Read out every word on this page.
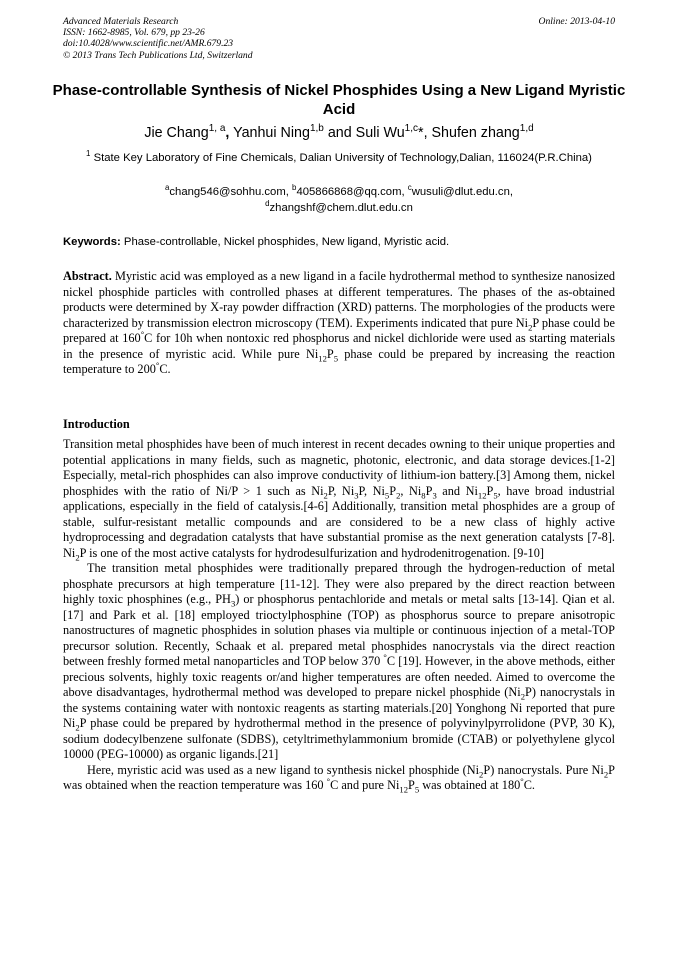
Advanced Materials Research
ISSN: 1662-8985, Vol. 679, pp 23-26
doi:10.4028/www.scientific.net/AMR.679.23
© 2013 Trans Tech Publications Ltd, Switzerland
Online: 2013-04-10
Phase-controllable Synthesis of Nickel Phosphides Using a New Ligand Myristic Acid
Jie Chang$^{1, a}$, Yanhui Ning$^{1,b}$ and Suli Wu$^{1,c}$*, Shufen zhang$^{1,d}$
$^1$ State Key Laboratory of Fine Chemicals, Dalian University of Technology,Dalian, 116024(P.R.China)
$^a$chang546@sohhu.com, $^b$405866868@qq.com, $^c$wusuli@dlut.edu.cn,
$^d$zhangshf@chem.dlut.edu.cn
Keywords: Phase-controllable, Nickel phosphides, New ligand, Myristic acid.
Abstract. Myristic acid was employed as a new ligand in a facile hydrothermal method to synthesize nanosized nickel phosphide particles with controlled phases at different temperatures. The phases of the as-obtained products were determined by X-ray powder diffraction (XRD) patterns. The morphologies of the products were characterized by transmission electron microscopy (TEM). Experiments indicated that pure $Ni_2P$ phase could be prepared at 160°C for 10h when nontoxic red phosphorus and nickel dichloride were used as starting materials in the presence of myristic acid. While pure $Ni_{12}P_5$ phase could be prepared by increasing the reaction temperature to 200°C.
Introduction

Transition metal phosphides have been of much interest in recent decades owning to their unique properties and potential applications in many fields, such as magnetic, photonic, electronic, and data storage devices.[1-2] Especially, metal-rich phosphides can also improve conductivity of lithium-ion battery.[3] Among them, nickel phosphides with the ratio of Ni/P > 1 such as $Ni_2P$, $Ni_3P$, $Ni_5P_2$, $Ni_8P_3$ and $Ni_{12}P_5$, have broad industrial applications, especially in the field of catalysis.[4-6] Additionally, transition metal phosphides are a group of stable, sulfur-resistant metallic compounds and are considered to be a new class of highly active hydroprocessing and degradation catalysts that have substantial promise as the next generation catalysts [7-8]. $Ni_2P$ is one of the most active catalysts for hydrodesulfurization and hydrodenitrogenation. [9-10]

The transition metal phosphides were traditionally prepared through the hydrogen-reduction of metal phosphate precursors at high temperature [11-12]. They were also prepared by the direct reaction between highly toxic phosphines (e.g., $PH_3$) or phosphorus pentachloride and metals or metal salts [13-14]. Qian et al. [17] and Park et al. [18] employed trioctylphosphine (TOP) as phosphorus source to prepare anisotropic nanostructures of magnetic phosphides in solution phases via multiple or continuous injection of a metal-TOP precursor solution. Recently, Schaak et al. prepared metal phosphides nanocrystals via the direct reaction between freshly formed metal nanoparticles and TOP below 370 °C [19]. However, in the above methods, either precious solvents, highly toxic reagents or/and higher temperatures are often needed. Aimed to overcome the above disadvantages, hydrothermal method was developed to prepare nickel phosphide $(Ni_2P)$ nanocrystals in the systems containing water with nontoxic reagents as starting materials.[20] Yonghong Ni reported that pure $Ni_2P$ phase could be prepared by hydrothermal method in the presence of polyvinylpyrrolidone (PVP, 30 K), sodium dodecylbenzene sulfonate (SDBS), cetyltrimethylammonium bromide (CTAB) or polyethylene glycol 10000 (PEG-10000) as organic ligands.[21]

Here, myristic acid was used as a new ligand to synthesis nickel phosphide $(Ni_2P)$ nanocrystals. Pure $Ni_2P$ was obtained when the reaction temperature was 160 °C and pure $Ni_{12}P_5$ was obtained at 180°C.
